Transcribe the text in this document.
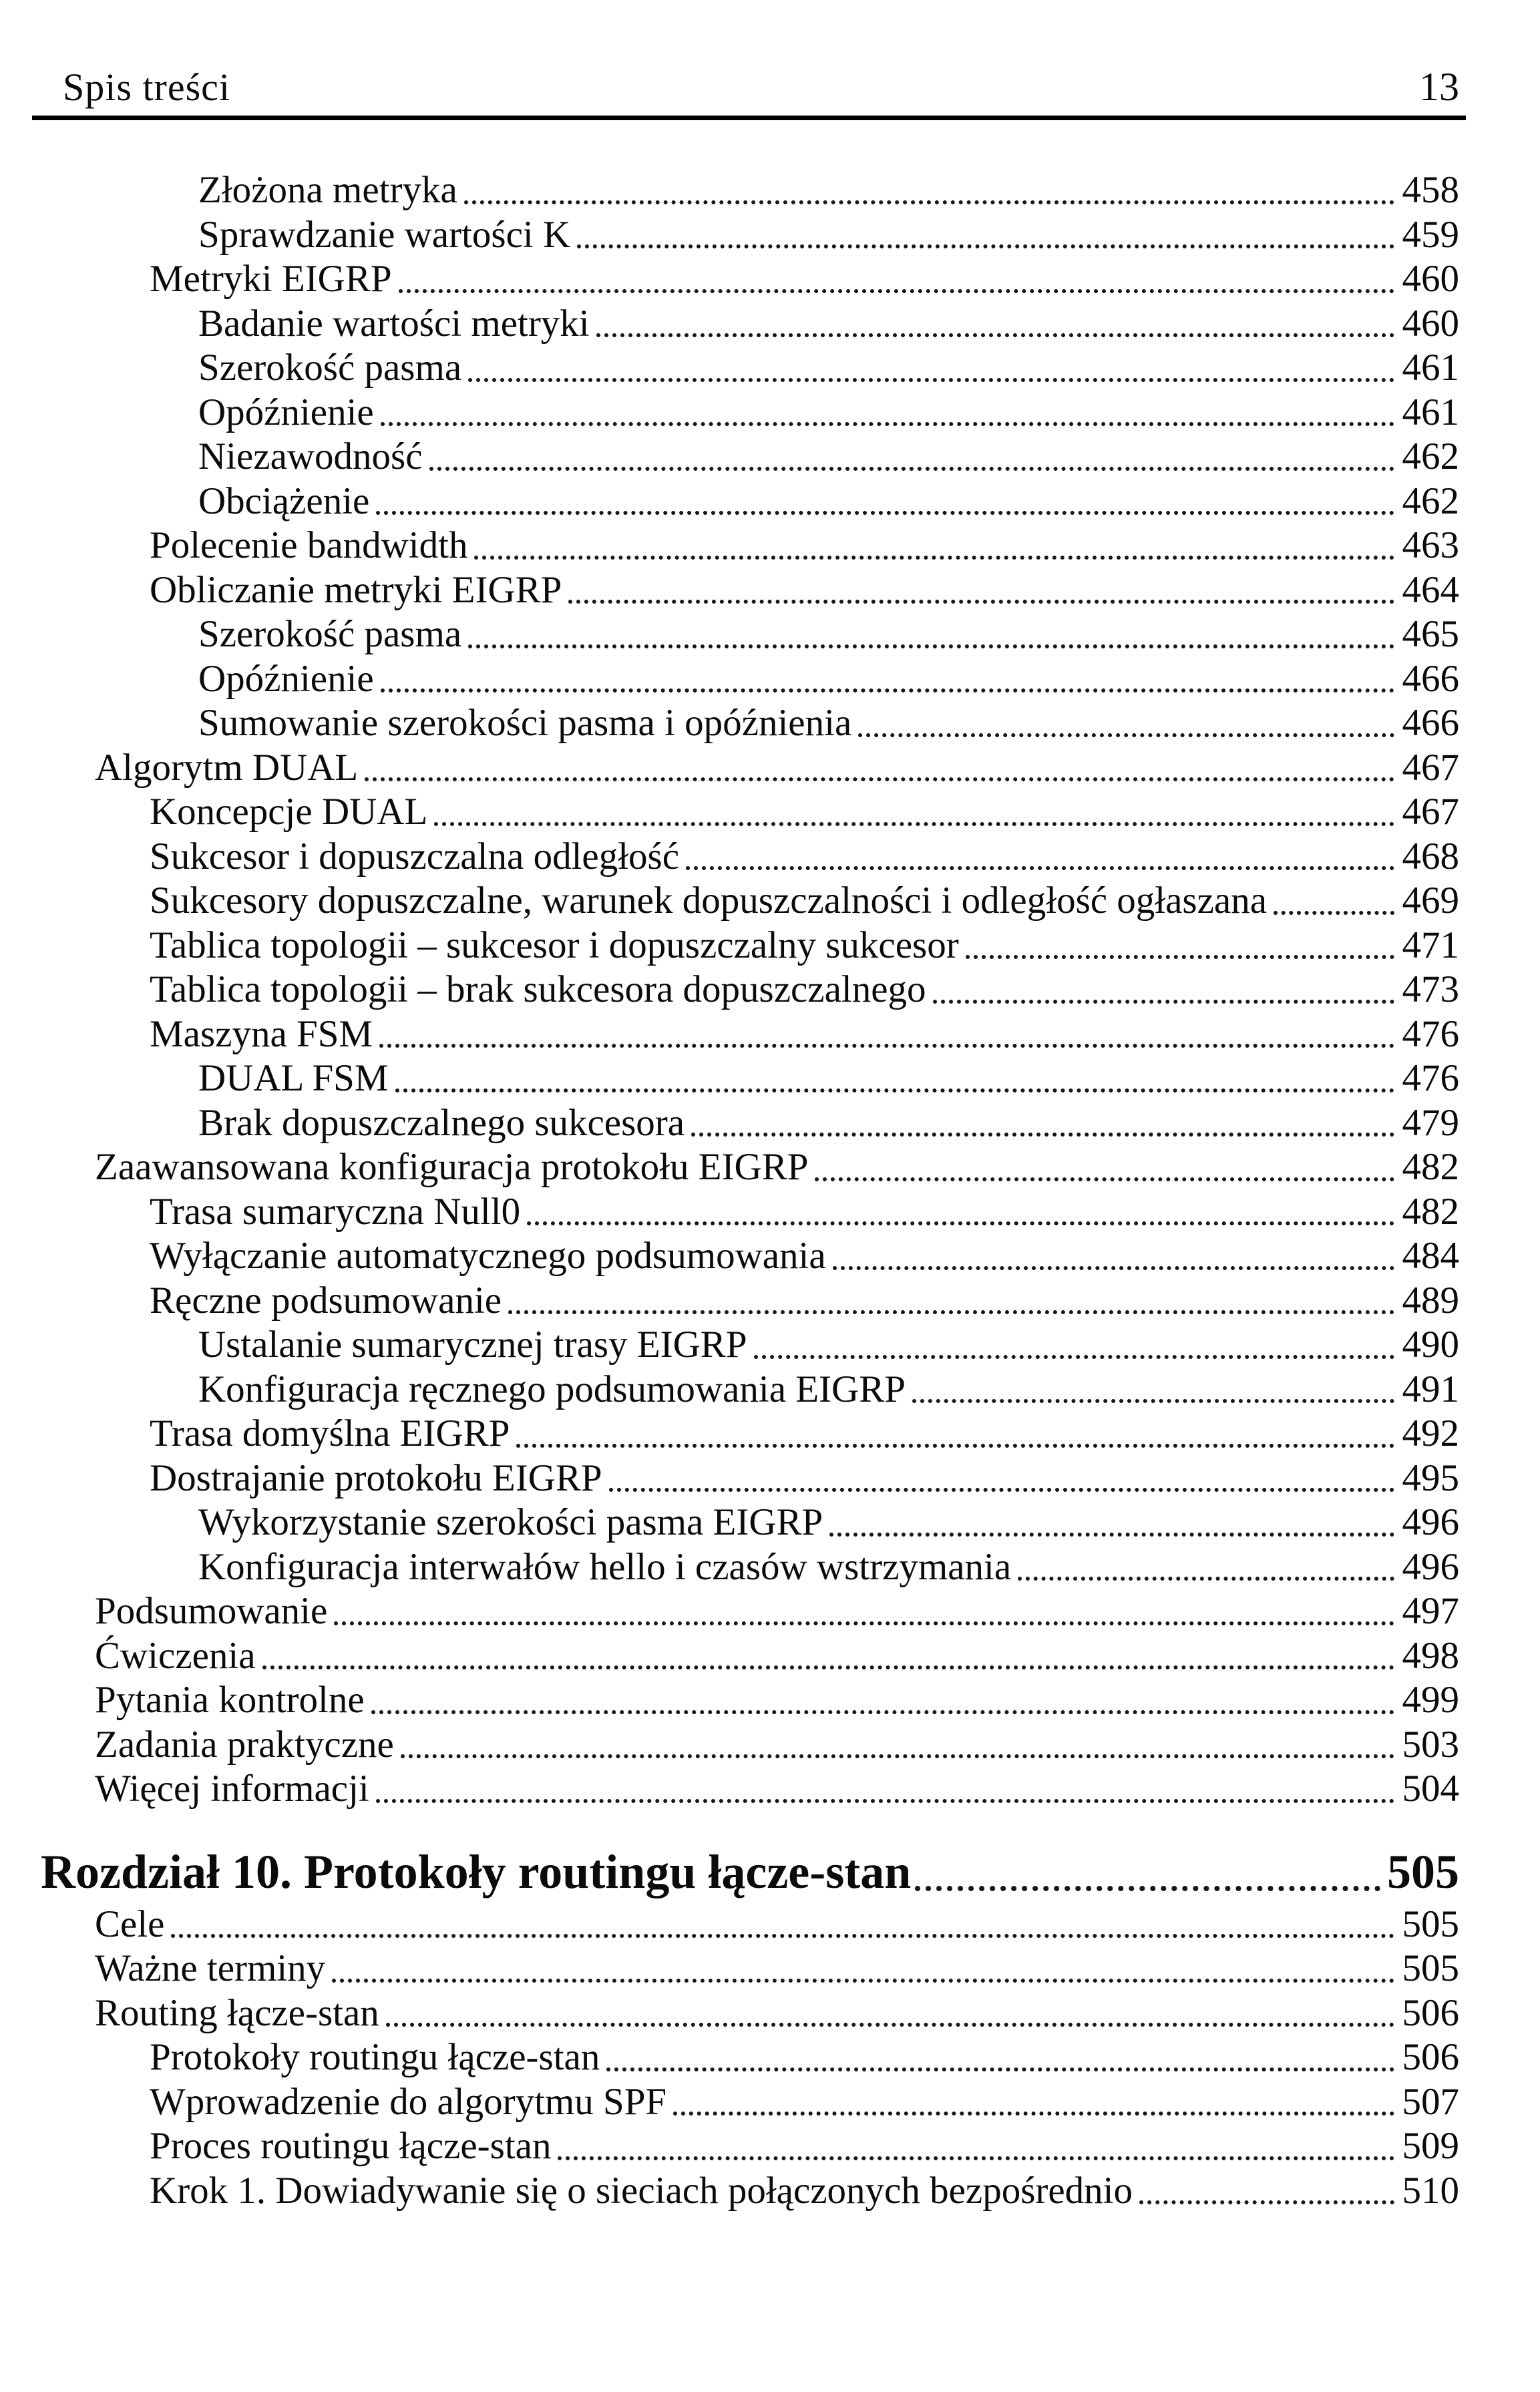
Spis treści	13
Złożona metryka	458
Sprawdzanie wartości K	459
Metryki EIGRP	460
Badanie wartości metryki	460
Szerokość pasma	461
Opóźnienie	461
Niezawodność	462
Obciążenie	462
Polecenie bandwidth	463
Obliczanie metryki EIGRP	464
Szerokość pasma	465
Opóźnienie	466
Sumowanie szerokości pasma i opóźnienia	466
Algorytm DUAL	467
Koncepcje DUAL	467
Sukcesor i dopuszczalna odległość	468
Sukcesory dopuszczalne, warunek dopuszczalności i odległość ogłaszana	469
Tablica topologii – sukcesor i dopuszczalny sukcesor	471
Tablica topologii – brak sukcesora dopuszczalnego	473
Maszyna FSM	476
DUAL FSM	476
Brak dopuszczalnego sukcesora	479
Zaawansowana konfiguracja protokołu EIGRP	482
Trasa sumaryczna Null0	482
Wyłączanie automatycznego podsumowania	484
Ręczne podsumowanie	489
Ustalanie sumarycznej trasy EIGRP	490
Konfiguracja ręcznego podsumowania EIGRP	491
Trasa domyślna EIGRP	492
Dostrajanie protokołu EIGRP	495
Wykorzystanie szerokości pasma EIGRP	496
Konfiguracja interwałów hello i czasów wstrzymania	496
Podsumowanie	497
Ćwiczenia	498
Pytania kontrolne	499
Zadania praktyczne	503
Więcej informacji	504
Rozdział 10. Protokoły routingu łącze-stan	505
Cele	505
Ważne terminy	505
Routing łącze-stan	506
Protokoły routingu łącze-stan	506
Wprowadzenie do algorytmu SPF	507
Proces routingu łącze-stan	509
Krok 1. Dowiadywanie się o sieciach połączonych bezpośrednio	510
